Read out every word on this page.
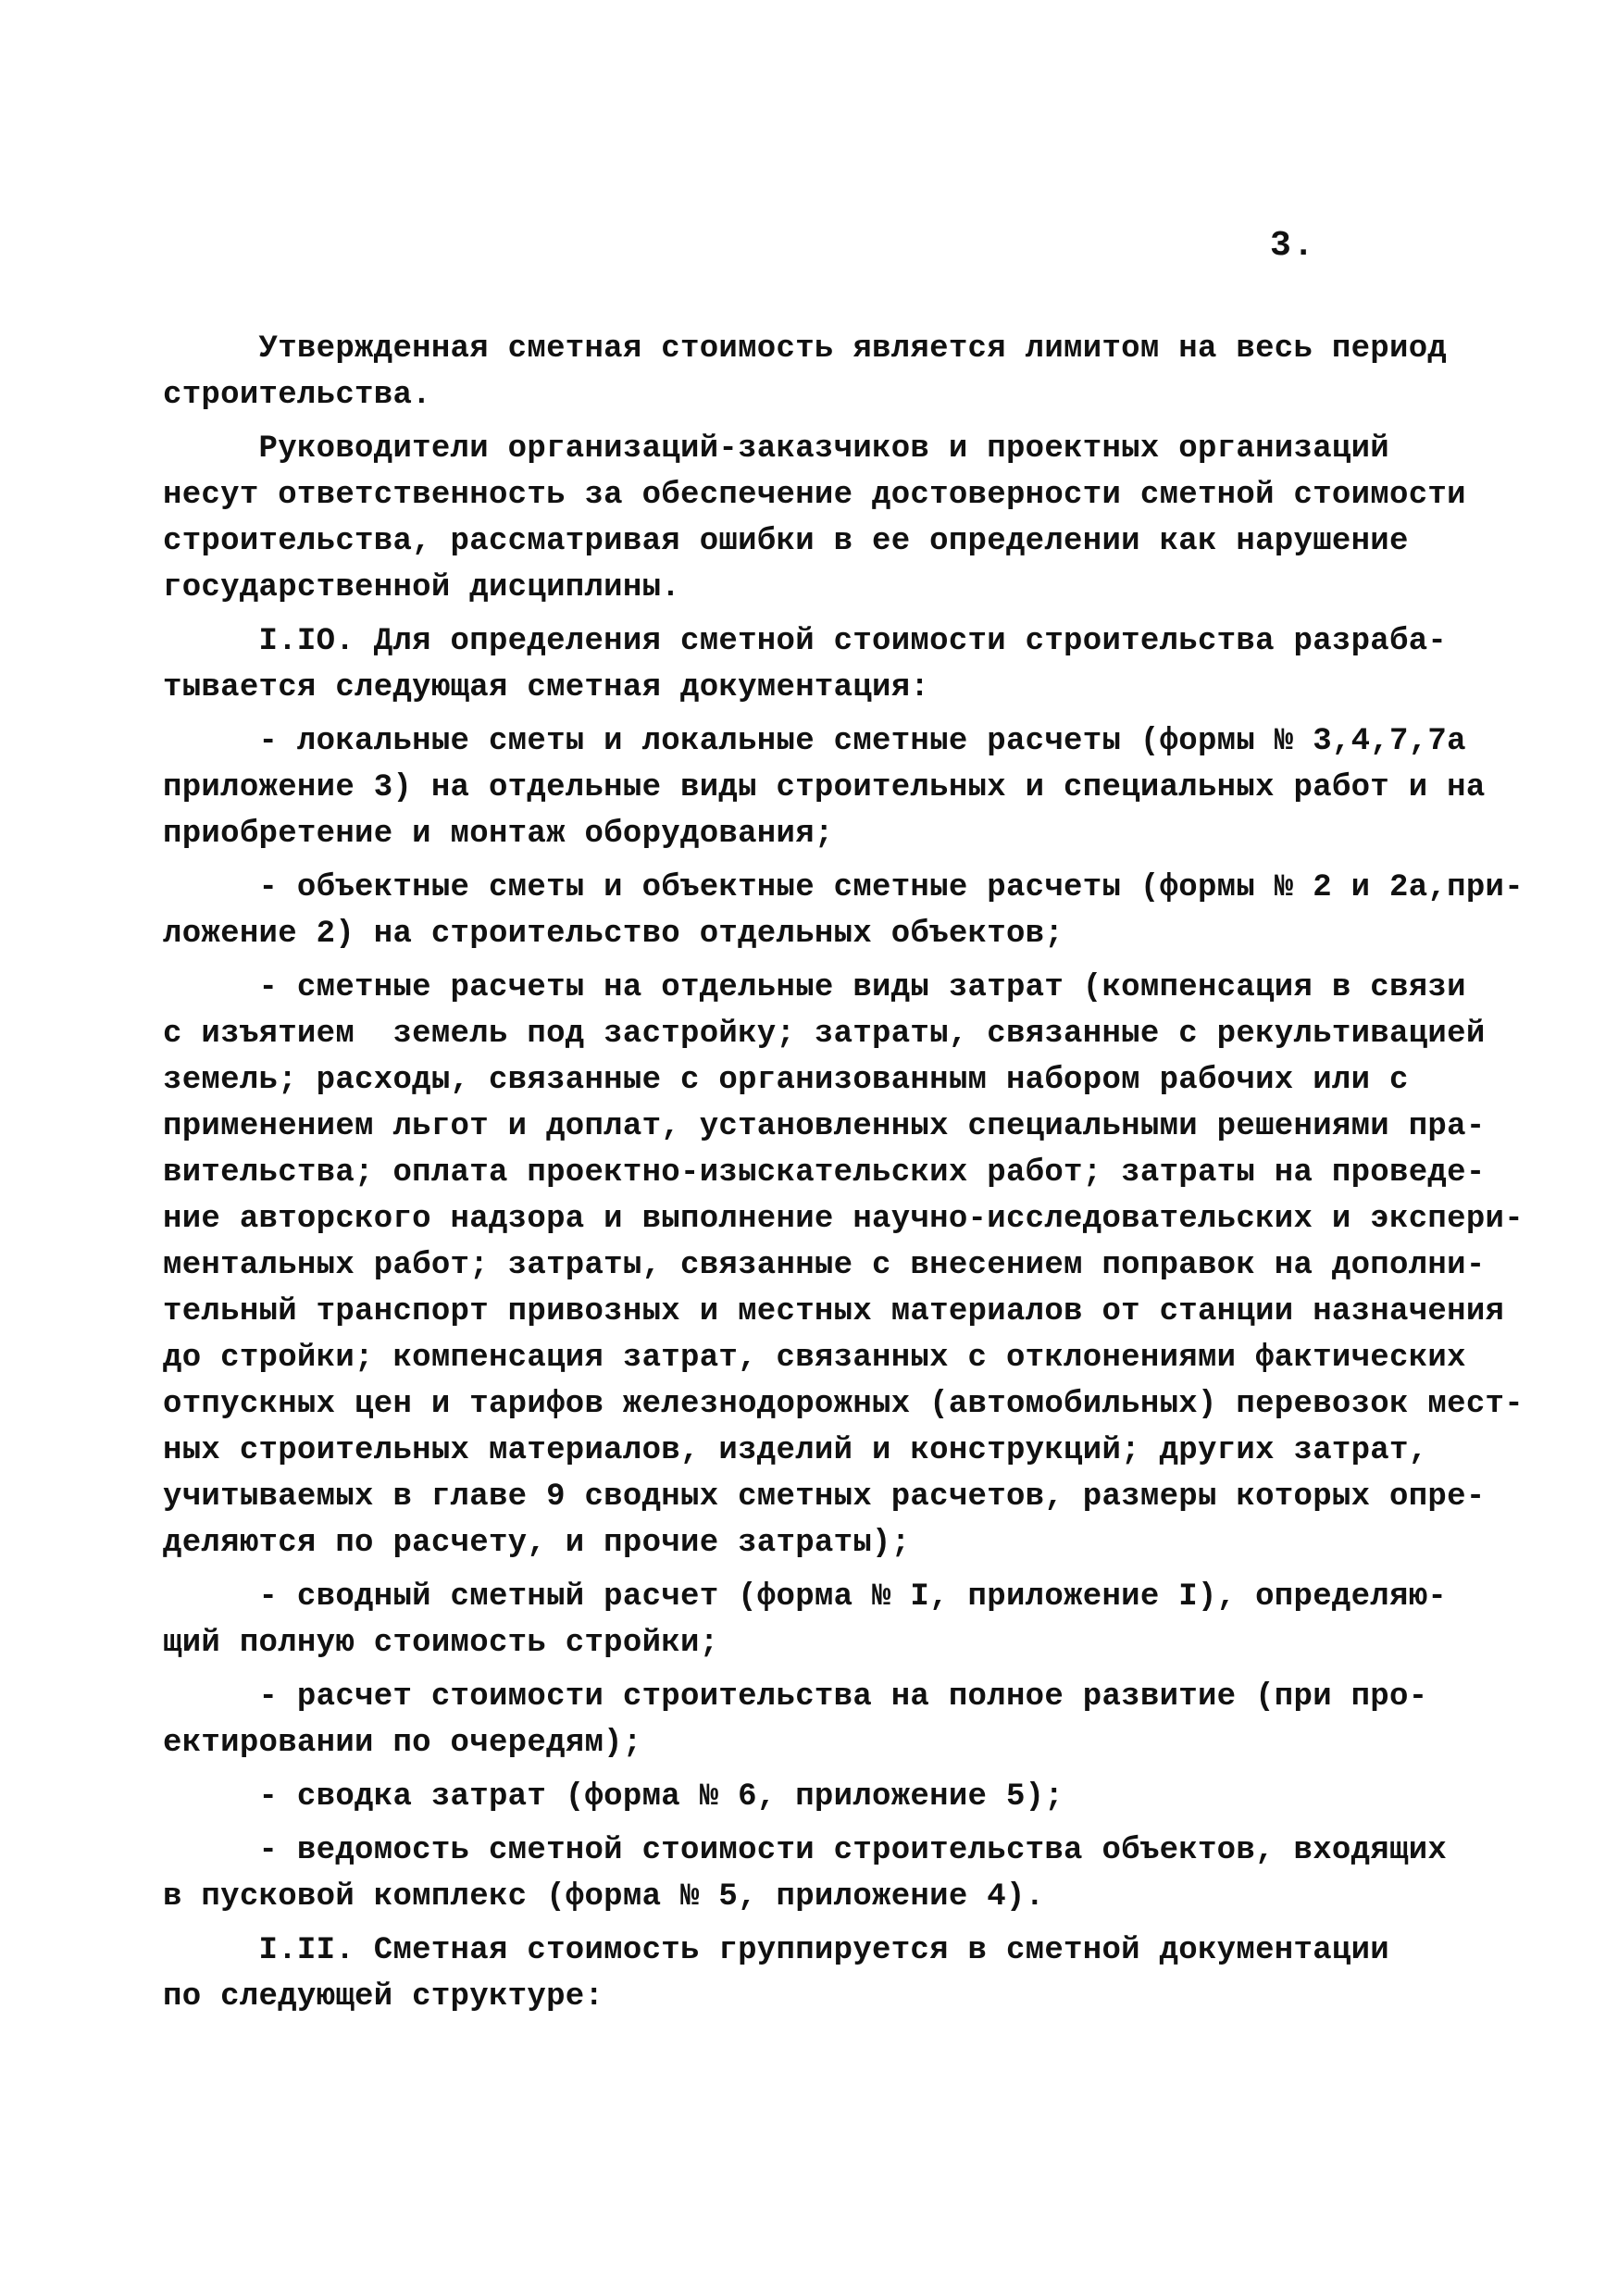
3.

Утвержденная сметная стоимость является лимитом на весь период
строительства.

Руководители организаций-заказчиков и проектных организаций
несут ответственность за обеспечение достоверности сметной стоимости
строительства, рассматривая ошибки в ее определении как нарушение
государственной дисциплины.

I.IO. Для определения сметной стоимости строительства разраба-
тывается следующая сметная документация:

- локальные сметы и локальные сметные расчеты (формы № 3,4,7,7а
приложение 3) на отдельные виды строительных и специальных работ и на
приобретение и монтаж оборудования;

- объектные сметы и объектные сметные расчеты (формы № 2 и 2а,при-
ложение 2) на строительство отдельных объектов;

- сметные расчеты на отдельные виды затрат (компенсация в связи
с изъятием  земель под застройку; затраты, связанные с рекультивацией
земель; расходы, связанные с организованным набором рабочих или с
применением льгот и доплат, установленных специальными решениями пра-
вительства; оплата проектно-изыскательских работ; затраты на проведе-
ние авторского надзора и выполнение научно-исследовательских и экспери-
ментальных работ; затраты, связанные с внесением поправок на дополни-
тельный транспорт привозных и местных материалов от станции назначения
до стройки; компенсация затрат, связанных с отклонениями фактических
отпускных цен и тарифов железнодорожных (автомобильных) перевозок мест-
ных строительных материалов, изделий и конструкций; других затрат,
учитываемых в главе 9 сводных сметных расчетов, размеры которых опре-
деляются по расчету, и прочие затраты);

- сводный сметный расчет (форма № I, приложение I), определяю-
щий полную стоимость стройки;

- расчет стоимости строительства на полное развитие (при про-
ектировании по очередям);

- сводка затрат (форма № 6, приложение 5);

- ведомость сметной стоимости строительства объектов, входящих
в пусковой комплекс (форма № 5, приложение 4).

I.II. Сметная стоимость группируется в сметной документации
по следующей структуре:
